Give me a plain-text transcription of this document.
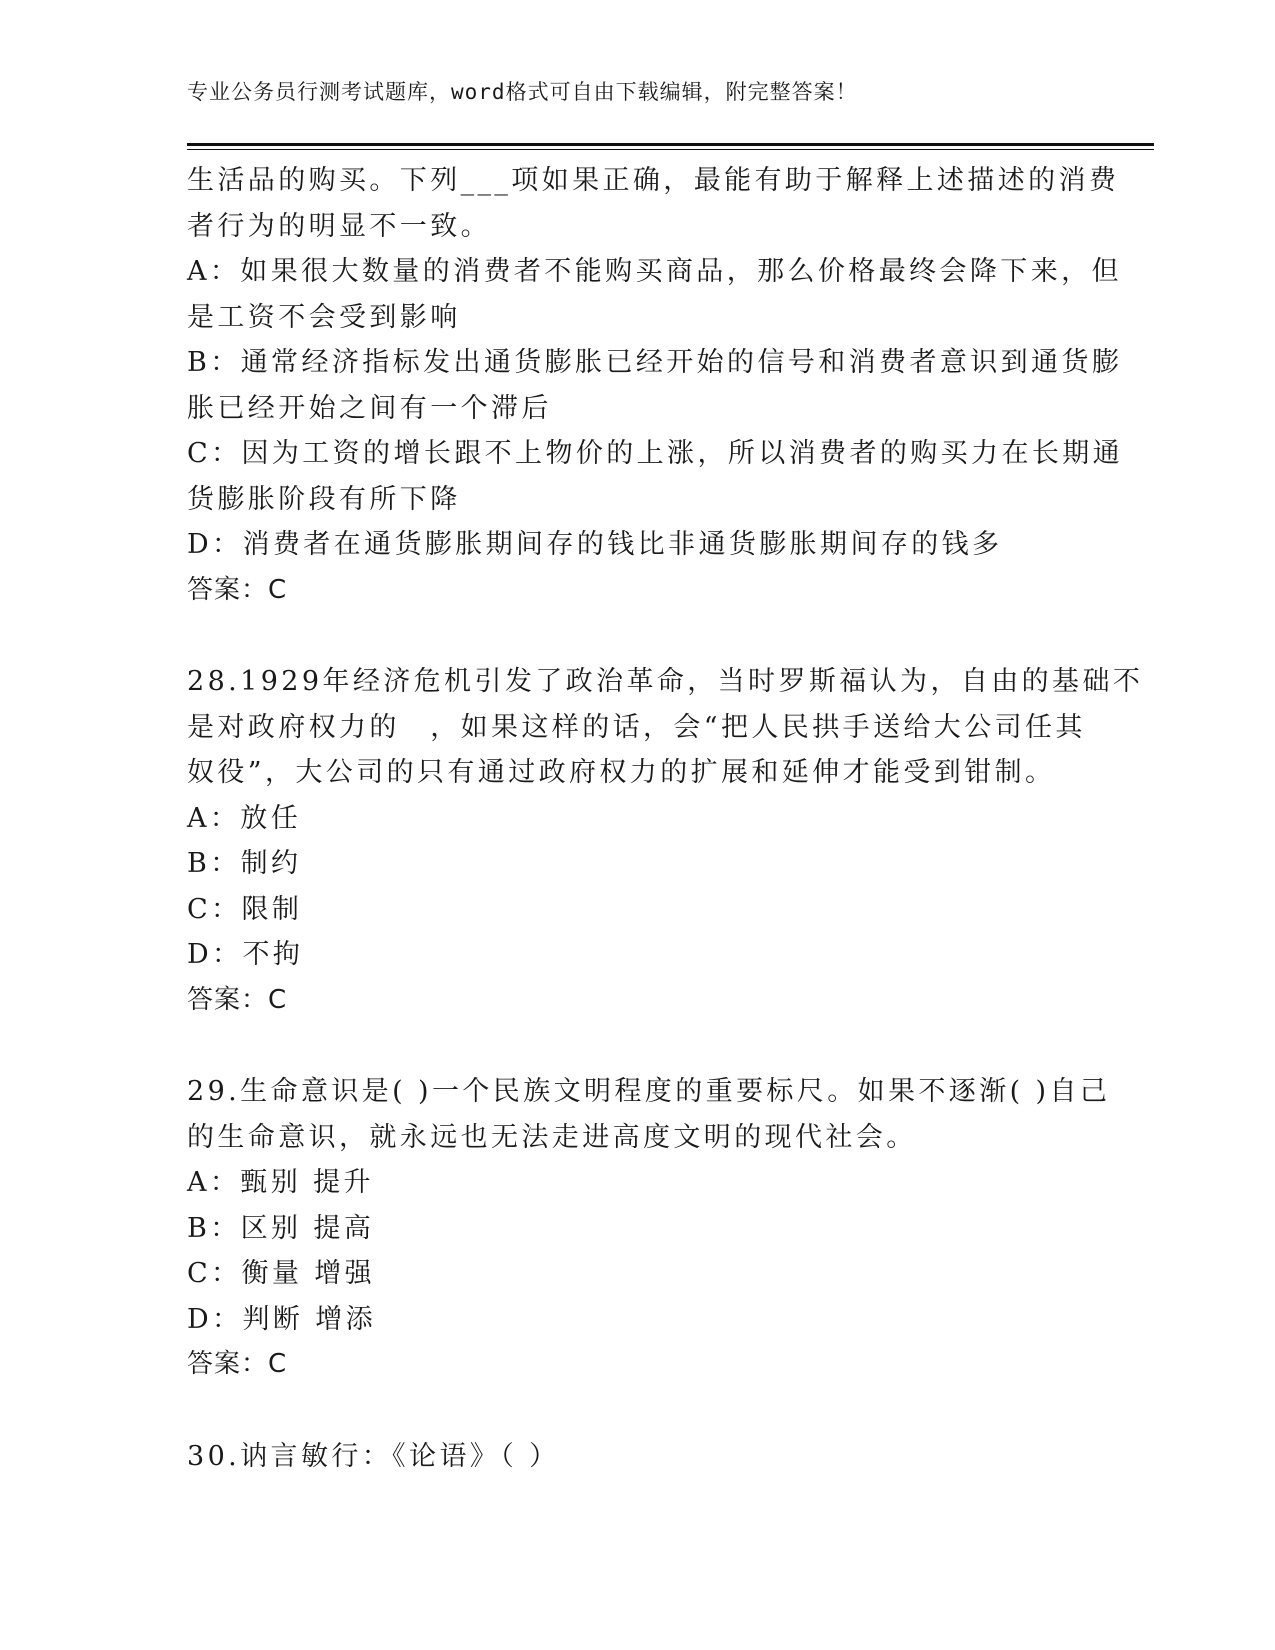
专业公务员行测考试题库，word格式可自由下载编辑，附完整答案！
生活品的购买。下列___项如果正确，最能有助于解释上述描述的消费
者行为的明显不一致。
A：如果很大数量的消费者不能购买商品，那么价格最终会降下来，但
是工资不会受到影响
B：通常经济指标发出通货膨胀已经开始的信号和消费者意识到通货膨
胀已经开始之间有一个滞后
C：因为工资的增长跟不上物价的上涨，所以消费者的购买力在长期通
货膨胀阶段有所下降
D：消费者在通货膨胀期间存的钱比非通货膨胀期间存的钱多
答案：C
28.1929年经济危机引发了政治革命，当时罗斯福认为，自由的基础不
是对政府权力的　，如果这样的话，会“把人民拱手送给大公司任其
奴役”，大公司的只有通过政府权力的扩展和延伸才能受到钳制。
A：放任
B：制约
C：限制
D：不拘
答案：C
29.生命意识是( )一个民族文明程度的重要标尺。如果不逐渐( )自己
的生命意识，就永远也无法走进高度文明的现代社会。
A：甄别 提升
B：区别 提高
C：衡量 增强
D：判断 增添
答案：C
30.讷言敏行：《论语》（ ）
